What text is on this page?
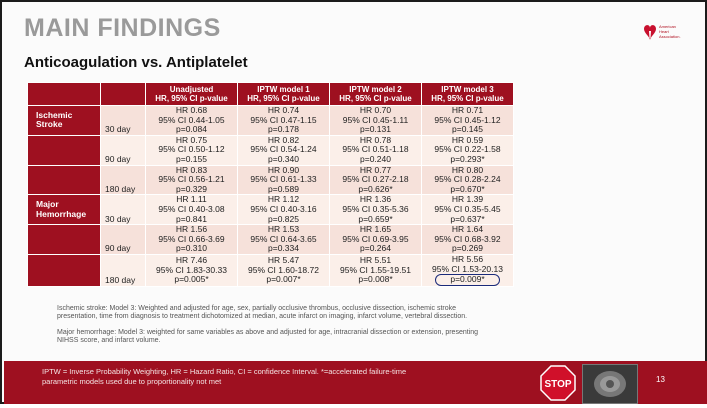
MAIN FINDINGS
Anticoagulation vs. Antiplatelet
American Heart Association.
		Unadjusted
HR, 95% CI p-value	IPTW model 1
HR, 95% CI p-value	IPTW model 2
HR, 95% CI p-value	IPTW model 3
HR, 95% CI p-value
Ischemic Stroke	30 day	HR 0.68
95% CI 0.44-1.05
p=0.084	HR 0.74
95% CI 0.47-1.15
p=0.178	HR 0.70
95% CI 0.45-1.11
p=0.131	HR 0.71
95% CI 0.45-1.12
p=0.145
	90 day	HR 0.75
95% CI 0.50-1.12
p=0.155	HR 0.82
95% CI 0.54-1.24
p=0.340	HR 0.78
95% CI 0.51-1.18
p=0.240	HR 0.59
95% CI 0.22-1.58
p=0.293*
	180 day	HR 0.83
95% CI 0.56-1.21
p=0.329	HR 0.90
95% CI 0.61-1.33
p=0.589	HR 0.77
95% CI 0.27-2.18
p=0.626*	HR 0.80
95% CI 0.28-2.24
p=0.670*
Major Hemorrhage	30 day	HR 1.11
95% CI 0.40-3.08
p=0.841	HR 1.12
95% CI 0.40-3.16
p=0.825	HR 1.36
95% CI 0.35-5.36
p=0.659*	HR 1.39
95% CI 0.35-5.45
p=0.637*
	90 day	HR 1.56
95% CI 0.66-3.69
p=0.310	HR 1.53
95% CI 0.64-3.65
p=0.334	HR 1.65
95% CI 0.69-3.95
p=0.264	HR 1.64
95% CI 0.68-3.92
p=0.269
	180 day	HR 7.46
95% CI 1.83-30.33
p=0.005*	HR 5.47
95% CI 1.60-18.72
p=0.007*	HR 5.51
95% CI 1.55-19.51
p=0.008*	HR 5.56
95% CI 1.53-20.13
p=0.009*

Ischemic stroke: Model 3: Weighted and adjusted for age, sex, partially occlusive thrombus, occlusive dissection, ischemic stroke presentation, time from diagnosis to treatment dichotomized at median, acute infarct on imaging, infarct volume, vertebral dissection.

Major hemorrhage: Model 3: weighted for same variables as above and adjusted for age, intracranial dissection or extension, presenting NIHSS score, and infarct volume.

IPTW = Inverse Probability Weighting, HR = Hazard Ratio, CI = confidence Interval. *=accelerated failure-time
parametric models used due to proportionality not met	STOP	13
